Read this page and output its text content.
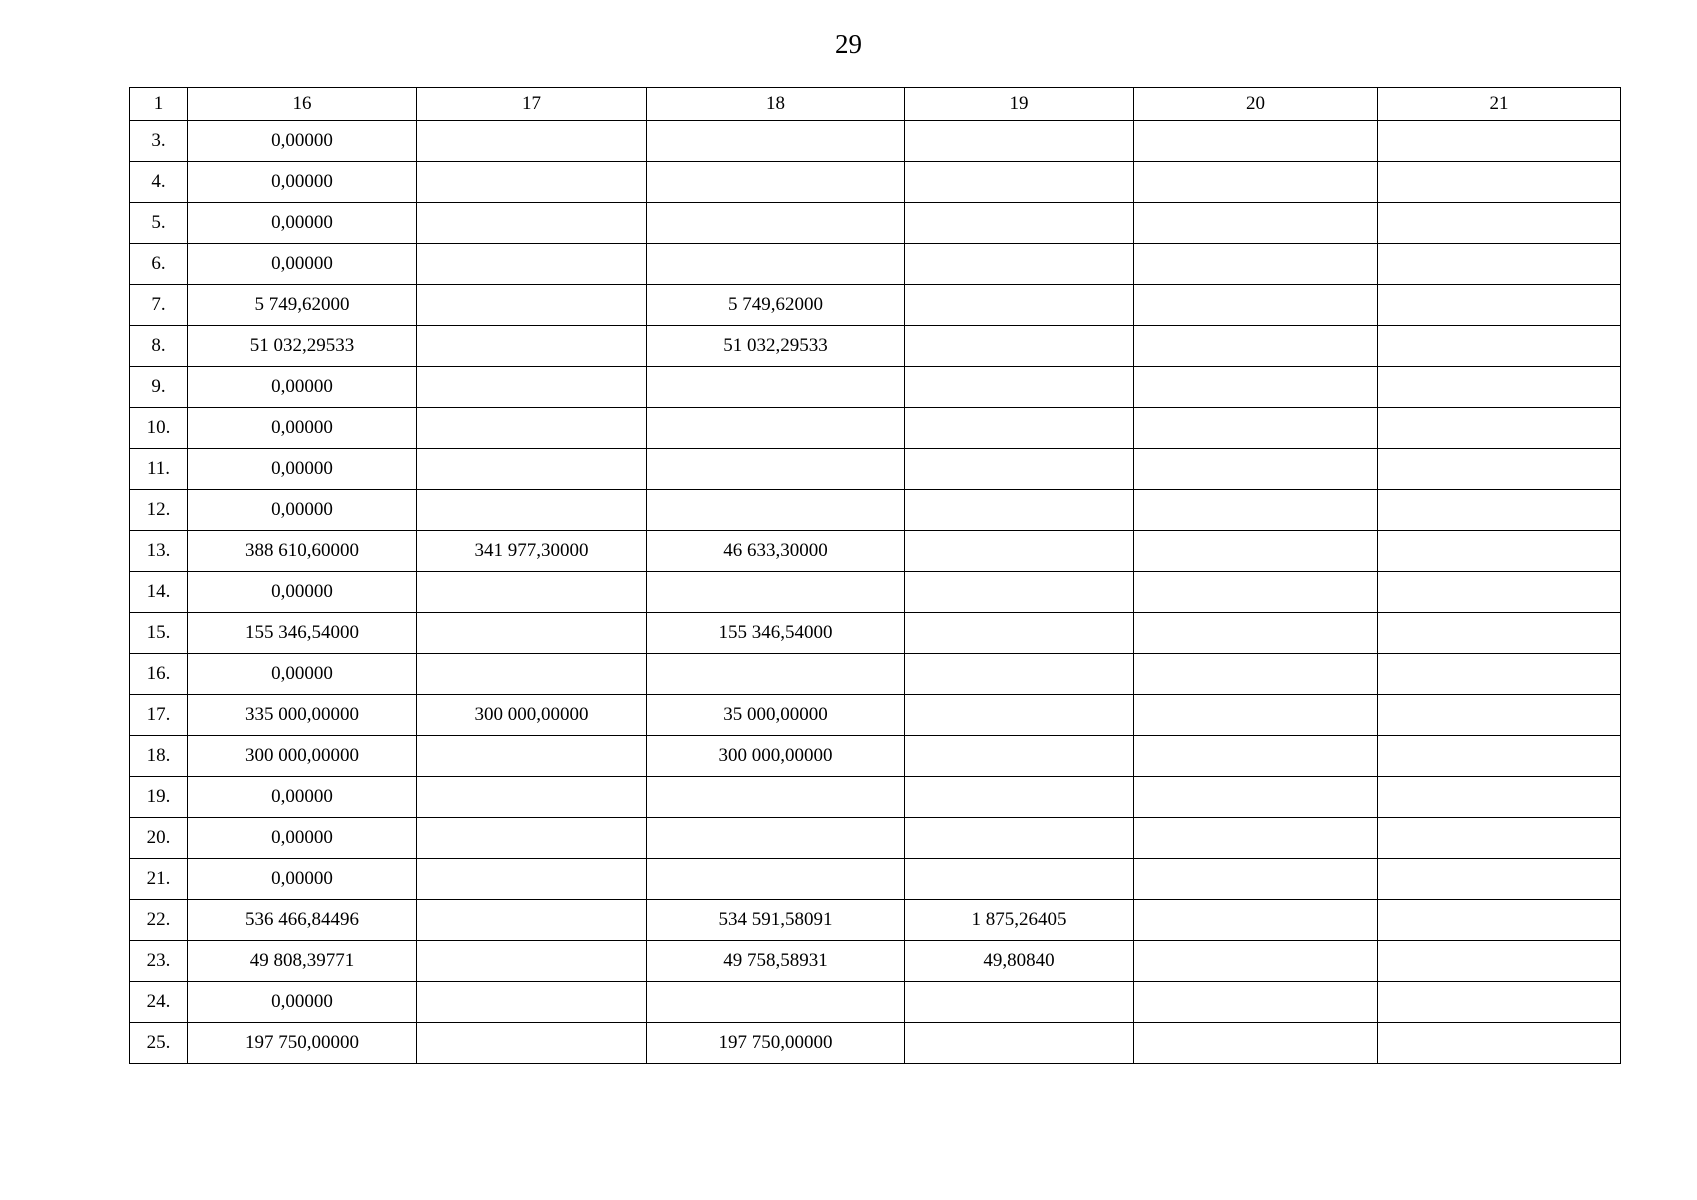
29
1	16	17	18	19	20	21
3.	0,00000					
4.	0,00000					
5.	0,00000					
6.	0,00000					
7.	5 749,62000		5 749,62000			
8.	51 032,29533		51 032,29533			
9.	0,00000					
10.	0,00000					
11.	0,00000					
12.	0,00000					
13.	388 610,60000	341 977,30000	46 633,30000			
14.	0,00000					
15.	155 346,54000		155 346,54000			
16.	0,00000					
17.	335 000,00000	300 000,00000	35 000,00000			
18.	300 000,00000		300 000,00000			
19.	0,00000					
20.	0,00000					
21.	0,00000					
22.	536 466,84496		534 591,58091	1 875,26405		
23.	49 808,39771		49 758,58931	49,80840		
24.	0,00000					
25.	197 750,00000		197 750,00000			
